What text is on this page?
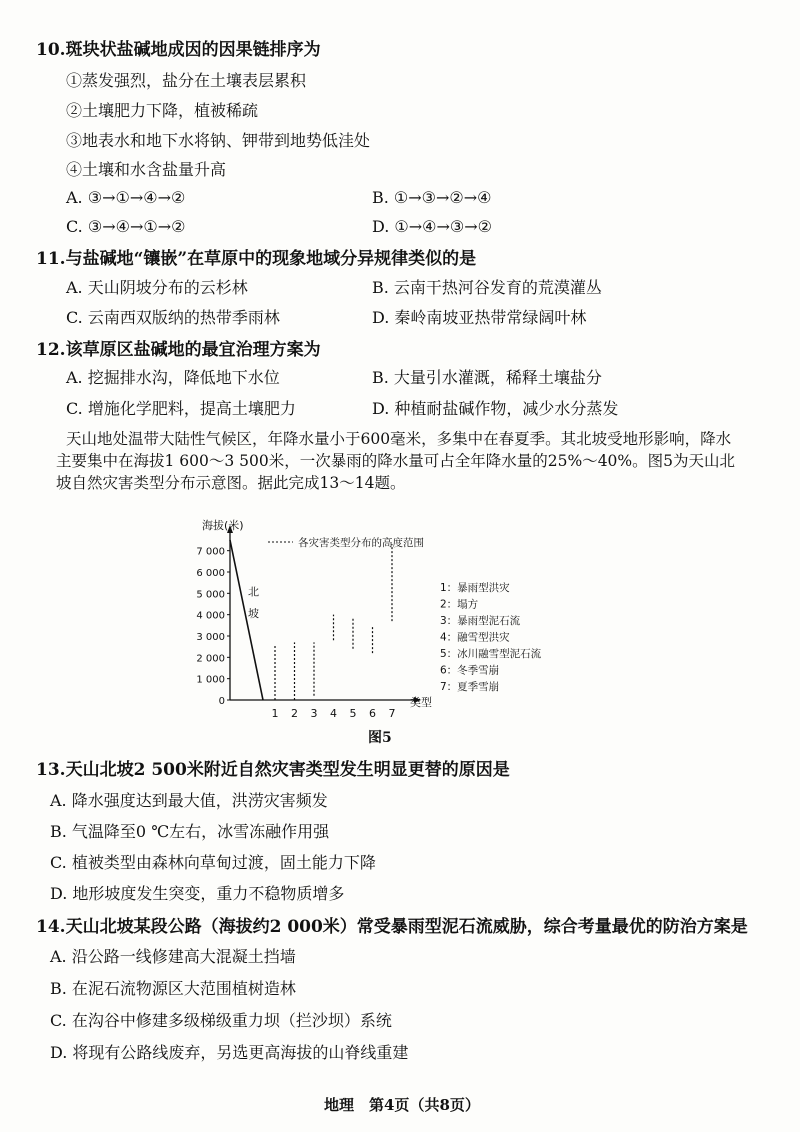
10.斑块状盐碱地成因的因果链排序为
①蒸发强烈，盐分在土壤表层累积
②土壤肥力下降，植被稀疏
③地表水和地下水将钠、钾带到地势低洼处
④土壤和水含盐量升高
A. ③→①→④→②	B. ①→③→②→④
C. ③→④→①→②	D. ①→④→③→②
11.与盐碱地“镶嵌”在草原中的现象地域分异规律类似的是
A. 天山阴坡分布的云杉林	B. 云南干热河谷发育的荒漠灌丛
C. 云南西双版纳的热带季雨林	D. 秦岭南坡亚热带常绿阔叶林
12.该草原区盐碱地的最宜治理方案为
A. 挖掘排水沟，降低地下水位	B. 大量引水灌溉，稀释土壤盐分
C. 增施化学肥料，提高土壤肥力	D. 种植耐盐碱作物，减少水分蒸发
天山地处温带大陆性气候区，年降水量小于600毫米，多集中在春夏季。其北坡受地形影响，降水
主要集中在海拔1 600～3 500米，一次暴雨的降水量可占全年降水量的25%～40%。图5为天山北
坡自然灾害类型分布示意图。据此完成13～14题。
海拔(米)
类型
7 000
6 000
5 000
4 000
3 000
2 000
1 000
0
1 2 3 4 5 6 7
北
坡
各灾害类型分布的高度范围
1：暴雨型洪灾
2：塌方
3：暴雨型泥石流
4：融雪型洪灾
5：冰川融雪型泥石流
6：冬季雪崩
7：夏季雪崩
图5
13.天山北坡2 500米附近自然灾害类型发生明显更替的原因是
A. 降水强度达到最大值，洪涝灾害频发
B. 气温降至0 ℃左右，冰雪冻融作用强
C. 植被类型由森林向草甸过渡，固土能力下降
D. 地形坡度发生突变，重力不稳物质增多
14.天山北坡某段公路（海拔约2 000米）常受暴雨型泥石流威胁，综合考量最优的防治方案是
A. 沿公路一线修建高大混凝土挡墙
B. 在泥石流物源区大范围植树造林
C. 在沟谷中修建多级梯级重力坝（拦沙坝）系统
D. 将现有公路线废弃，另选更高海拔的山脊线重建
地理　第4页（共8页）
